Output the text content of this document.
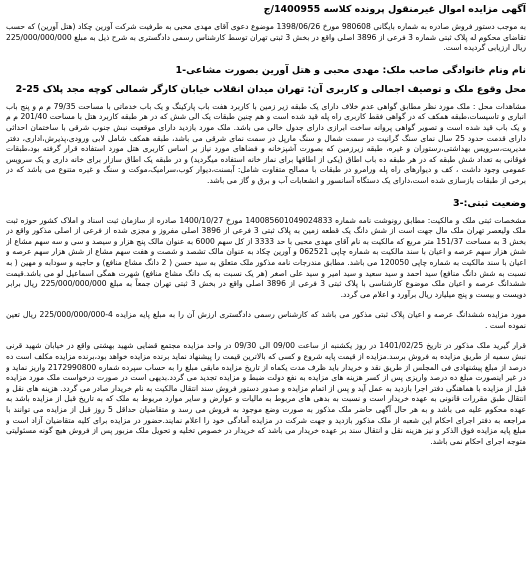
آگهی مزایده اموال غیرمنقول پرونده کلاسه 1400955/ج

به موجب دستور فروش صادره به شماره بایگانی 980608 مورخ 1398/06/26 موضوع دعوی آقای مهدی محبی به طرفیت شرکت آورین چکاد (هتل آورین) که حسب تقاضای محکوم له پلاک ثبتی شماره 3 فرعی از 3896 اصلی واقع در بخش 3 ثبتی تهران توسط کارشناس رسمی دادگستری به شرح ذیل به مبلغ 225/000/000/000 ریال ارزیابی گردیده است.

نام ونام خانوادگی صاحب ملک: مهدی محبی و هتل آورین بصورت مشاعی-1

محل وقوع ملک و توصیف اجمالی و کاربری آن: تهران میدان انقلاب خیابان کارگر شمالی کوچه مجد پلاک 25-2

مشاهدات محل : ملک مورد نظر مطابق گواهی عدم خلاف دارای یک طبقه زیر زمین با کاربرد هفت باب پارکینگ و یک باب خدماتی با مساحت 79/35 م م و پنج باب انباری و تاسیسات،طبقه همکف که در گواهی فقط کاربری راه پله قید شده است و هم چنین طبقات یک الی شش که در هر طبقه کاربرد هتل با مساحت 201/40 م م و یک باب قید شده است و تصویر گواهی پروانه ساخت ابرازی دارای جدول خالی می باشد. ملک مورد بازدید دارای موقعیت نبش جنوب شرقی با ساختمان احداثی دارای قدمت حدود 25 سال نمای سنگ گرانیت در سمت شمال و سنگ مارپل در سمت نمای شرقی می باشد، طبقه همکف شامل لابی ورودی،پذیرش،اداری، دفتر مدیریت،سرویس بهداشتی،رستوران و غیره، طبقه زیرزمین که بصورت آشپزخانه و فضاهای مورد نیاز بر اساس کاربری هتل مورد استفاده قرار گرفته بود،طبقات فوقانی به تعداد شش طبقه که در هر طبقه ده باب اطاق (یکی از اطاقها برای نماز خانه استفاده میگردید) و در طبقه یک اطاق سازار برای خانه داری و یک سرویس عمومی وجود داشت ، کف و دیوارهای راه پله ورامرو در طبقات با مصالح متفاوت شامل: آبسنت،دیوار کوب،سرامیک،موکت و سنگ و غیره متنوع می باشد که در برخی از طبقات بازسازی شده است،دارای یک دستگاه آسانسور و انشعابات آب و برق و گاز می باشد.

وضعیت ثبتی:-3

مشخصات ثبتی ملک و مالکیت: مطابق رونوشت نامه شماره 140085601049024833 مورخ 1400/10/27 صادره از سازمان ثبت اسناد و املاک کشور حوزه ثبت ملک ولیعصر تهران ملک مال جهت است از شش دانگ یک قطعه زمین به پلاک ثبتی 3 فرعی از 3896 اصلی مفروز و مجزی شده از فرعی از اصلی مذکور واقع در بخش 3 به مساحت 151/37 متر مربع که مالکیت به نام آقای مهدی محبی با حد 3333 از کل سهم 6000 به عنوان مالک پنج هزار و سیصد و سی و سه سهم مشاع از شش هزار سهم عرصه و اعیان با سند مالکیت به شماره چاپی 062521 و آورین چکاد به عنوان مالک تشصد و شصت و هفت سهم مشاع از شش هزار سهم عرصه و اعیان با سند مالکیت به شماره چاپی 120050 می باشد. مطابق مندرجات نامه مذکور ملک متعلق به سید حسن ( 2 دانگ مشاع منافع) و حاجیه و سودابه و مهین ( به نسبت به شش دانگ منافع) سید احمد و سید سعید و سید امیر و سید علی اصغر (هر یک نسبت به یک دانگ مشاع منافع) شهرت همگی اسماعیل لو می باشد.قیمت ششدانگ عرصه و اعیان ملک موضوع کارشناسی با پلاک ثبتی 3 فرعی از 3896 اصلی واقع در بخش 3 ثبتی تهران جمعاً به مبلغ 225/000/000/000 ریال برابر دویست و بیست و پنج میلیارد ریال برآورد و اعلام می گردد.

مورد مزایده ششدانگ عرصه و اعیان پلاک ثبتی مذکور می باشد که کارشناس رسمی دادگستری ارزش آن را به مبلغ پایه مزایده 4-225/000/000/000 ریال تعین نموده است .

قرار گیرید ملک مذکور در تاریخ 1401/02/25 در روز یکشنبه از ساعت 09/00 الی 09/30 در واحد مزایده مجتمع قضایی شهید بهشتی واقع در خیابان شهید قرنی نبش سمیه از طریق مزایده به فروش برسد.مزایده از قیمت پایه شروع و کسی که بالاترین قیمت را پیشنهاد نماید برنده مزایده خواهد بود،برنده مزایده مکلف است ده درصد از مبلغ پیشنهادی فی المجلس از طریق نقد و خریدار باید ظرف مدت یکماه از تاریخ مزایده مابقی مبلغ را به حساب سپرده شماره 2172990800 واریز نماید و در غیر اینصورت مبلغ ده درصد واریزی پس از کسر هزینه های مزایده به نفع دولت ضبط و مزایده تجدید می گردد.بدیهی است در صورت درخواست ملک مورد مزایده قبل از مزایده با هماهنگی دفتر اجرا بازدید به عمل آید و پس از اتمام مزایده و صدور دستور فروش سند انتقال مالکیت به نام خریدار صادر می گردد. هزینه های نقل و انتقال طبق مقررات قانونی به عهده خریدار است و نسبت به بدهی های مربوط به مالیات و عوارض و سایر موارد مربوط به ملک که به تاریخ قبل از مزایده باشد به عهده محکوم علیه می باشد و به هر حال آگهی حاضر ملک مذکور به صورت وضع موجود به فروش می رسد و متقاضیان حداقل 5 روز قبل از مزایده می توانند با مراجعه به دفتر اجرای احکام این شعبه از ملک مذکور بازدید و جهت شرکت در مزایده آمادگی خود را اعلام نمایند.حضور در مزایده برای کلیه متقاضیان آزاد است و مبلغ پایه مزایده فوق الذکر و نیز هزینه نقل و انتقال سند بر عهده خریدار می باشد که خریدار در خصوص تخلیه و تحویل ملک مزبور پس از فروش هیچ گونه مسئولیتی متوجه اجرای احکام نمی باشد.
